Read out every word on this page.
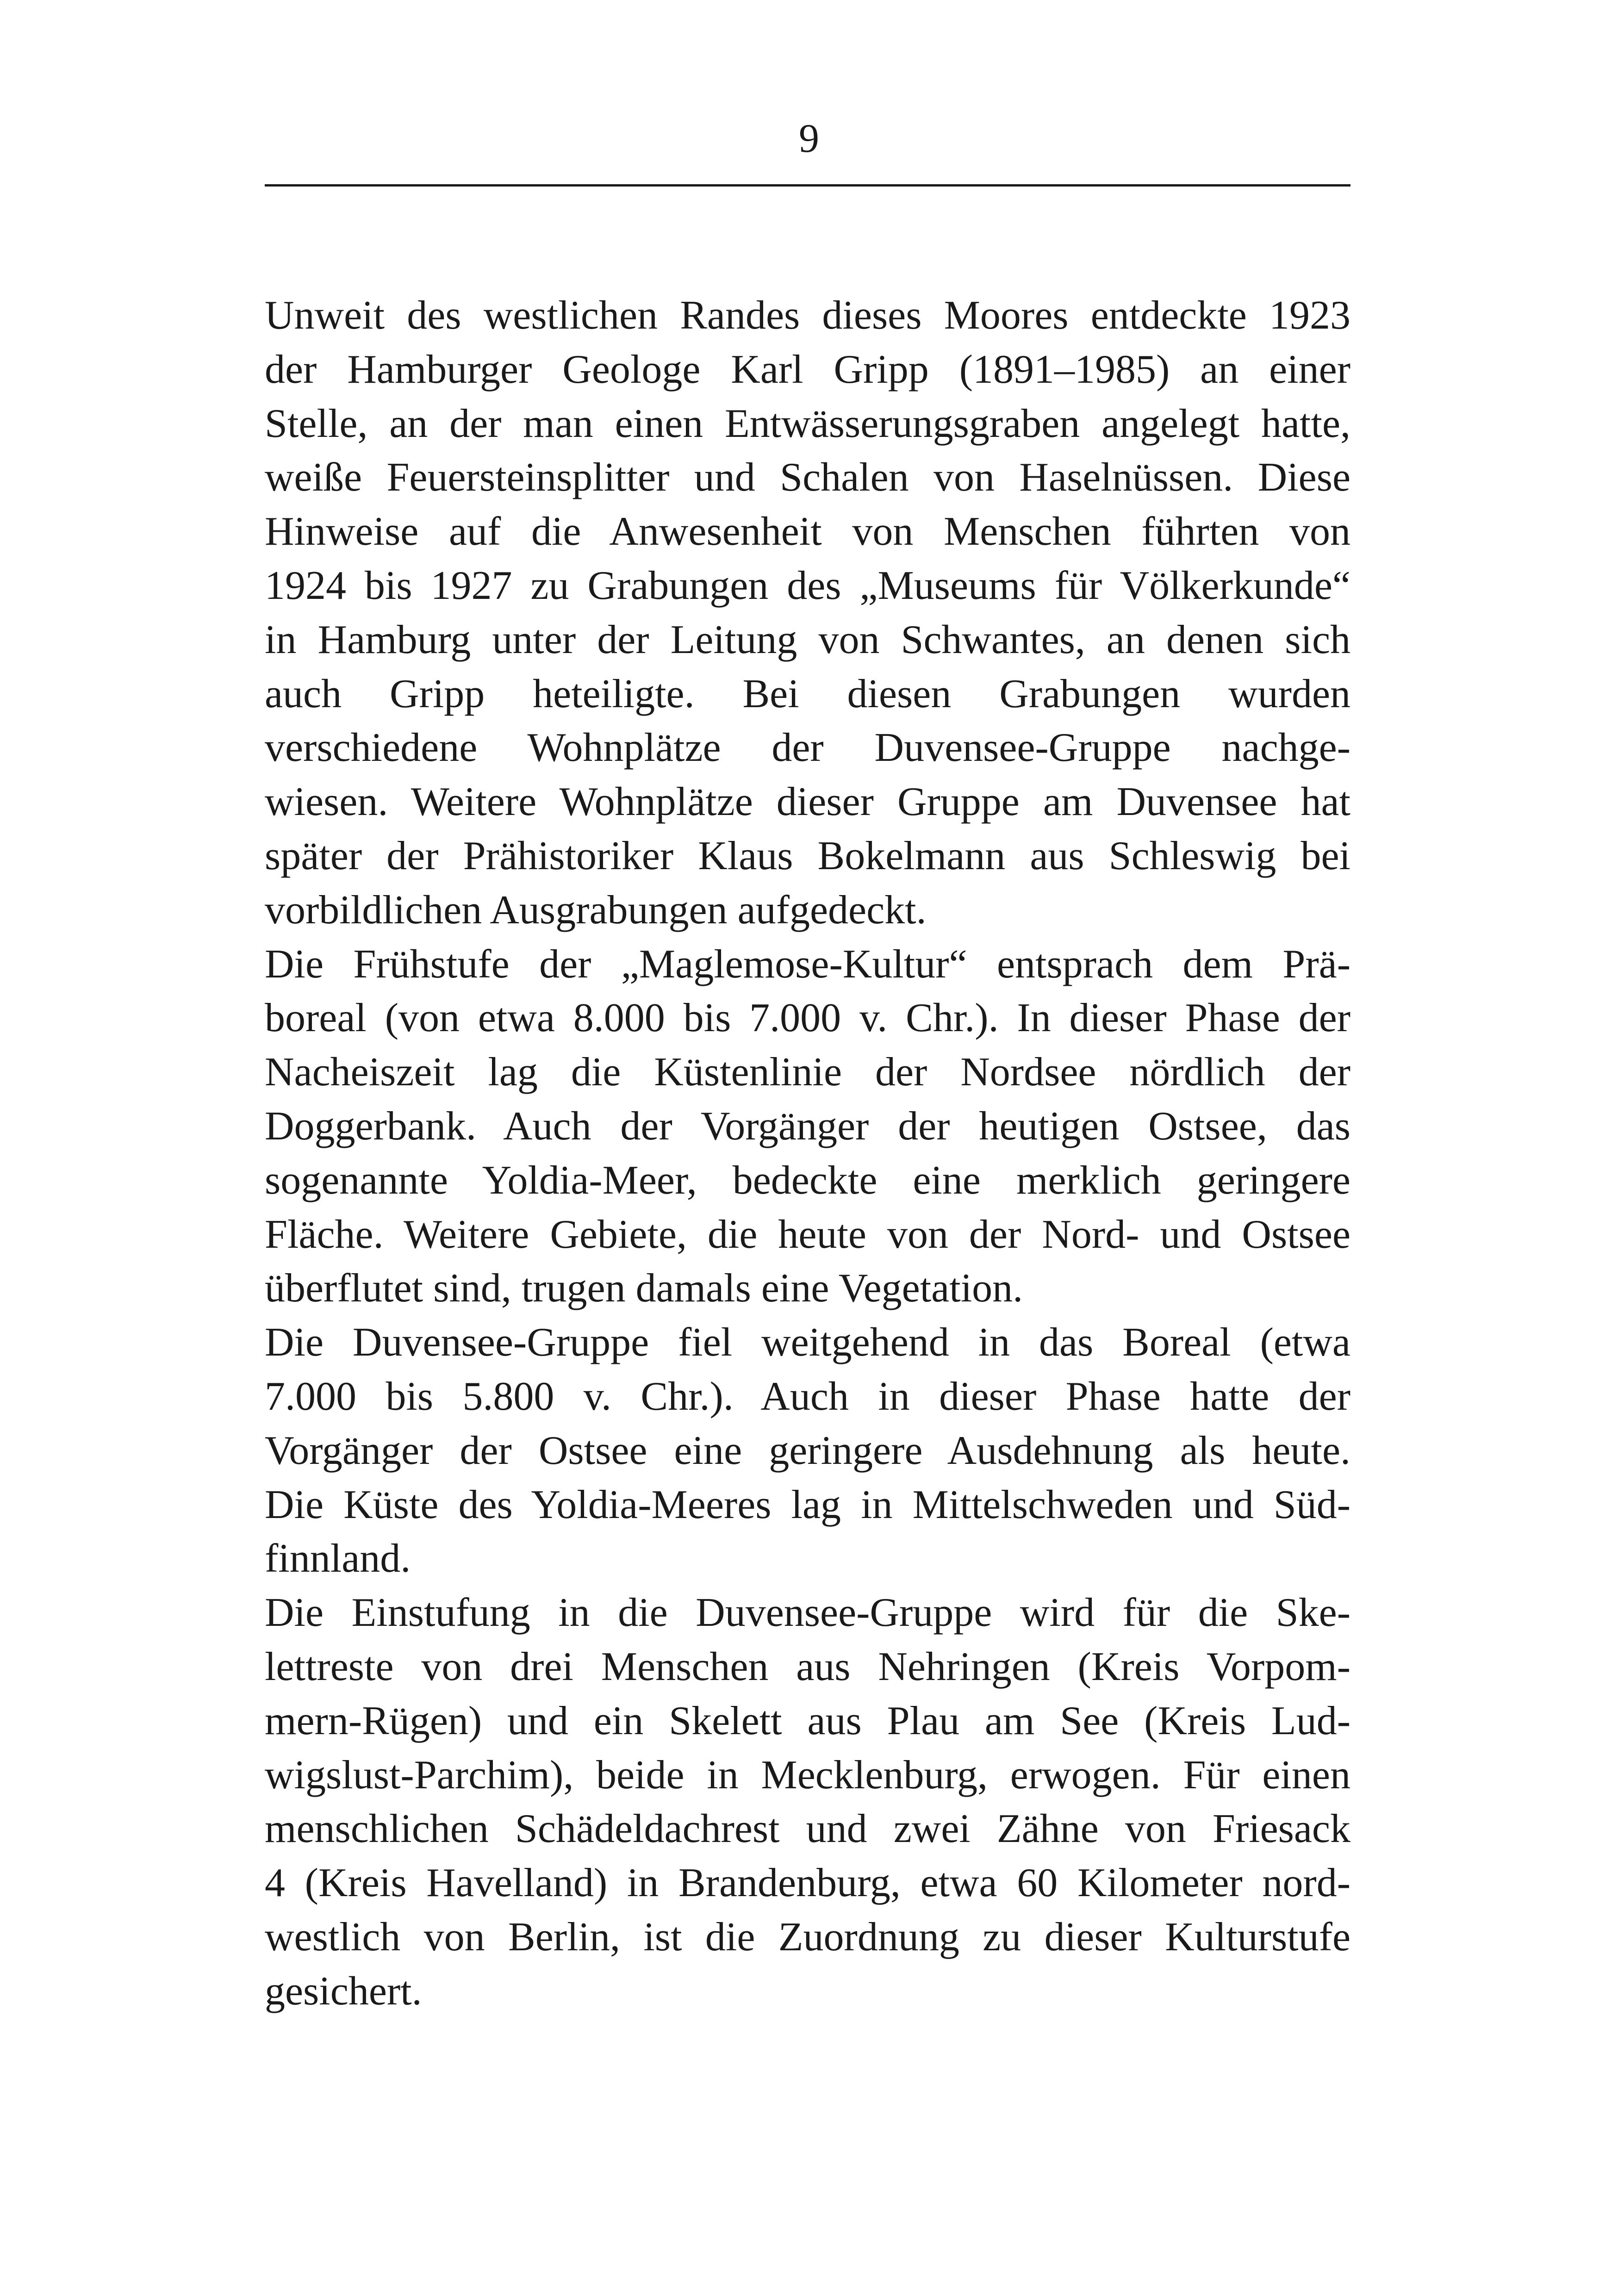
9
Unweit des westlichen Randes dieses Moores entdeckte 1923
der Hamburger Geologe Karl Gripp (1891–1985) an einer
Stelle, an der man einen Entwässerungsgraben angelegt hatte,
weiße Feuersteinsplitter und Schalen von Haselnüssen. Diese
Hinweise auf die Anwesenheit von Menschen führten von
1924 bis 1927 zu Grabungen des „Museums für Völkerkunde“
in Hamburg unter der Leitung von Schwantes, an denen sich
auch Gripp heteiligte. Bei diesen Grabungen wurden
verschiedene Wohnplätze der Duvensee-Gruppe nachge-
wiesen. Weitere Wohnplätze dieser Gruppe am Duvensee hat
später der Prähistoriker Klaus Bokelmann aus Schleswig bei
vorbildlichen Ausgrabungen aufgedeckt.
Die Frühstufe der „Maglemose-Kultur“ entsprach dem Prä-
boreal (von etwa 8.000 bis 7.000 v. Chr.). In dieser Phase der
Nacheiszeit lag die Küstenlinie der Nordsee nördlich der
Doggerbank. Auch der Vorgänger der heutigen Ostsee, das
sogenannte Yoldia-Meer, bedeckte eine merklich geringere
Fläche. Weitere Gebiete, die heute von der Nord- und Ostsee
überflutet sind, trugen damals eine Vegetation.
Die Duvensee-Gruppe fiel weitgehend in das Boreal (etwa
7.000 bis 5.800 v. Chr.). Auch in dieser Phase hatte der
Vorgänger der Ostsee eine geringere Ausdehnung als heute.
Die Küste des Yoldia-Meeres lag in Mittelschweden und Süd-
finnland.
Die Einstufung in die Duvensee-Gruppe wird für die Ske-
lettreste von drei Menschen aus Nehringen (Kreis Vorpom-
mern-Rügen) und ein Skelett aus Plau am See (Kreis Lud-
wigslust-Parchim), beide in Mecklenburg, erwogen. Für einen
menschlichen Schädeldachrest und zwei Zähne von Friesack
4 (Kreis Havelland) in Brandenburg, etwa 60 Kilometer nord-
westlich von Berlin, ist die Zuordnung zu dieser Kulturstufe
gesichert.
